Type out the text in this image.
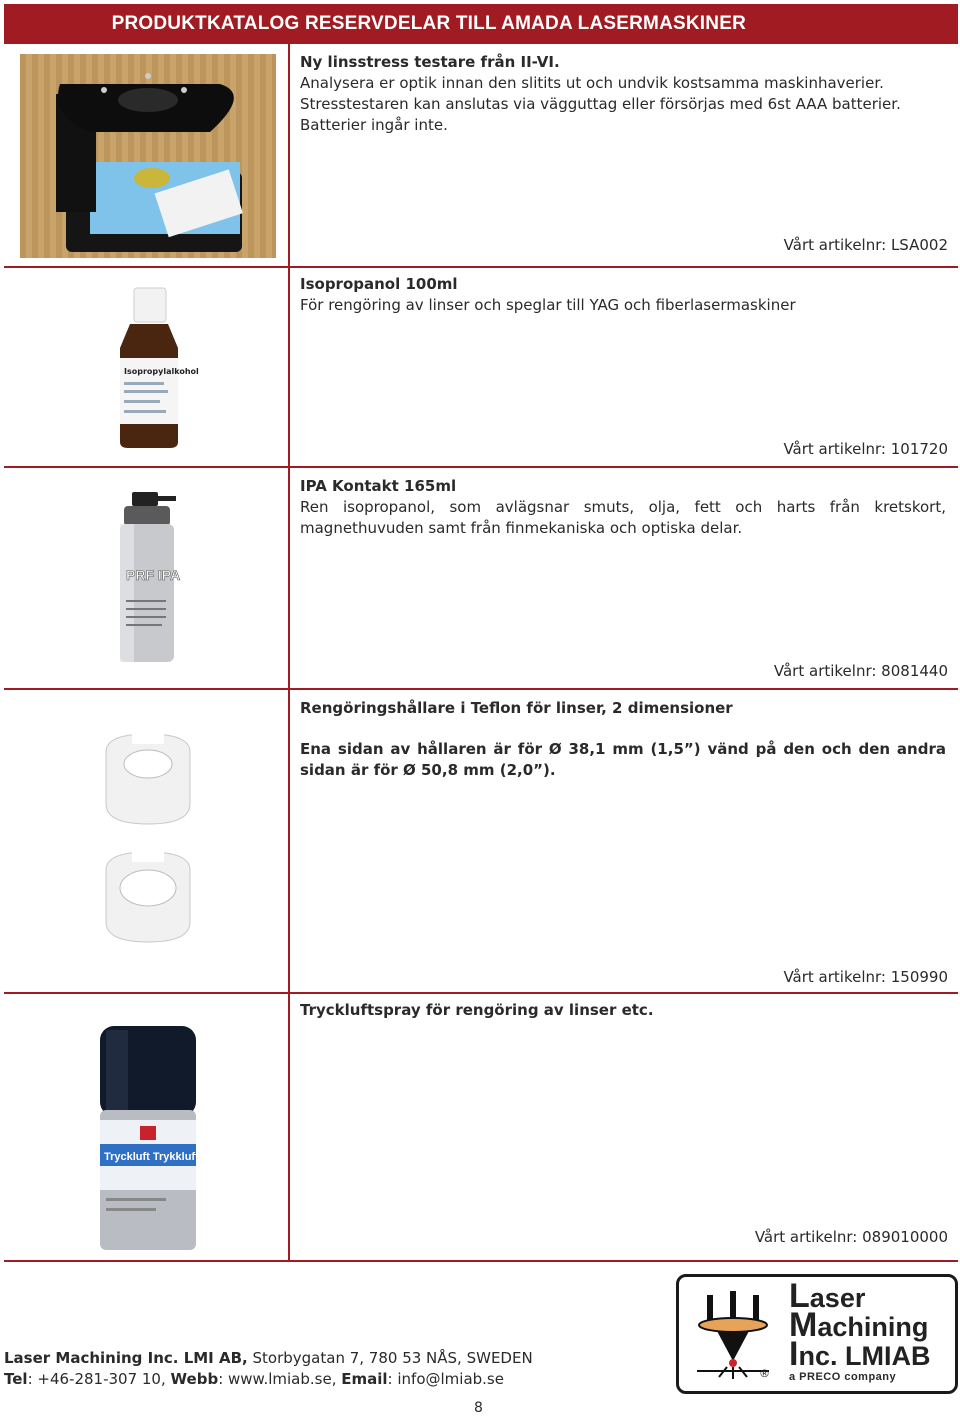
PRODUKTKATALOG RESERVDELAR TILL AMADA LASERMASKINER
Ny linsstress testare från II-VI.
Analysera er optik innan den slitits ut och undvik kostsamma maskinhaverier. Stresstestaren kan anslutas via vägguttag eller försörjas med 6st AAA batterier. Batterier ingår inte.
Vårt artikelnr: LSA002
Isopropylalkohol
Isopropanol 100ml
För rengöring av linser och speglar till YAG och fiberlasermaskiner
Vårt artikelnr: 101720
PRF IPA
IPA Kontakt 165ml
Ren isopropanol, som avlägsnar smuts, olja, fett och harts från kretskort, magnethuvuden samt från finmekaniska och optiska delar.
Vårt artikelnr: 8081440
Rengöringshållare i Teflon för linser, 2 dimensioner
Ena sidan av hållaren är för Ø 38,1 mm (1,5”) vänd på den och den andra sidan är för Ø 50,8 mm (2,0”).
Vårt artikelnr: 150990
Tryckluft Trykkluft
Tryckluftspray för rengöring av linser etc.
Vårt artikelnr: 089010000
Laser Machining Inc. LMI AB, Storbygatan 7, 780 53 NÅS, SWEDEN
Tel: +46-281-307 10, Webb: www.lmiab.se, Email: info@lmiab.se
8
®
Laser
Machining
Inc. LMIAB
a PRECO company
